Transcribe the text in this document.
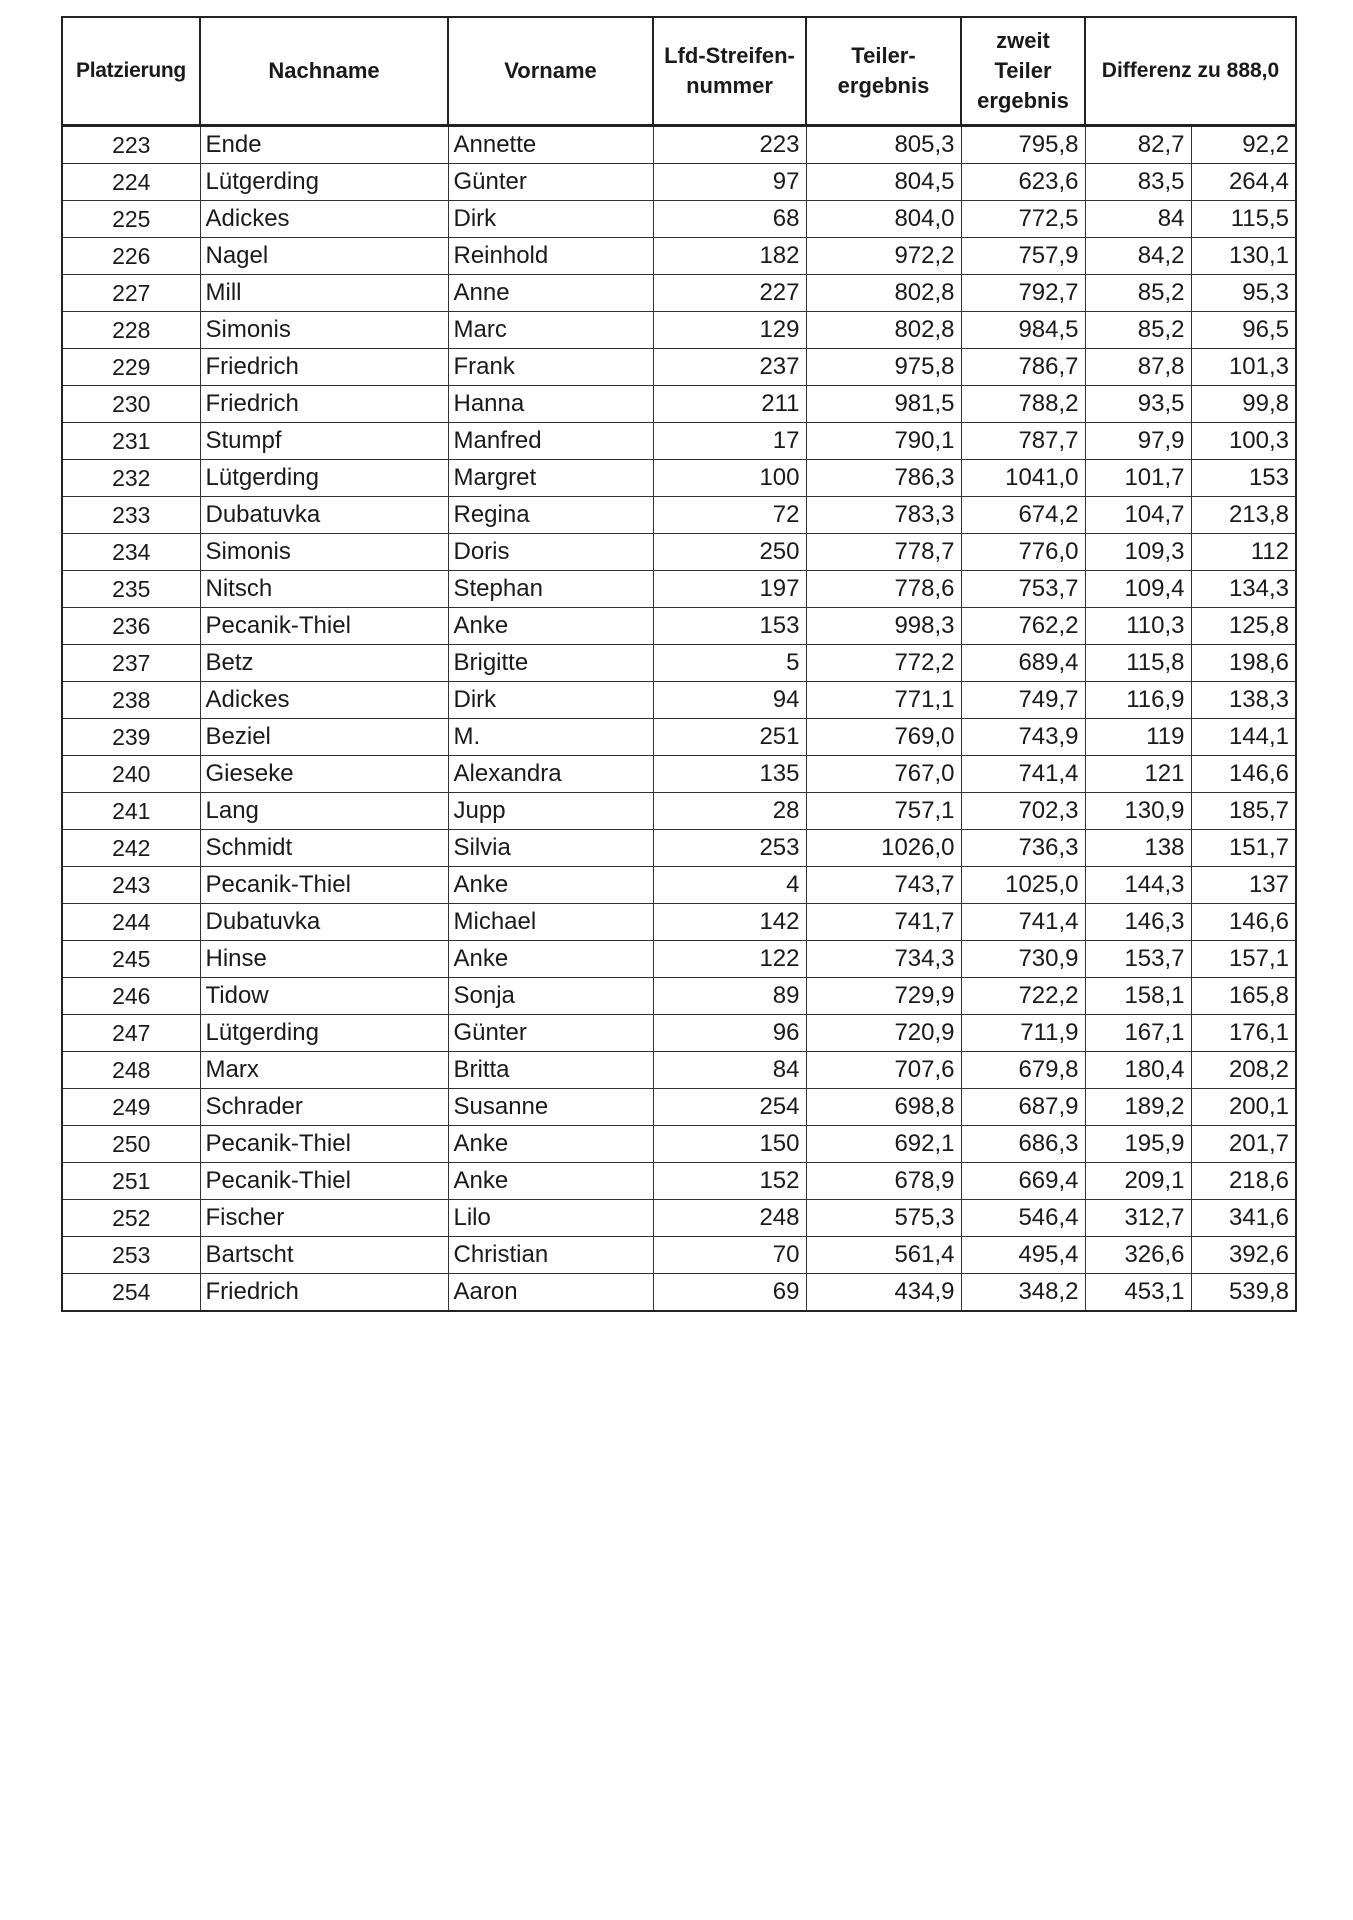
Platzierung	Nachname	Vorname	Lfd-Streifen-nummer	Teiler-ergebnis	zweit Teiler ergebnis	Differenz zu 888,0	
223	Ende	Annette	223	805,3	795,8	82,7	92,2
224	Lütgerding	Günter	97	804,5	623,6	83,5	264,4
225	Adickes	Dirk	68	804,0	772,5	84	115,5
226	Nagel	Reinhold	182	972,2	757,9	84,2	130,1
227	Mill	Anne	227	802,8	792,7	85,2	95,3
228	Simonis	Marc	129	802,8	984,5	85,2	96,5
229	Friedrich	Frank	237	975,8	786,7	87,8	101,3
230	Friedrich	Hanna	211	981,5	788,2	93,5	99,8
231	Stumpf	Manfred	17	790,1	787,7	97,9	100,3
232	Lütgerding	Margret	100	786,3	1041,0	101,7	153
233	Dubatuvka	Regina	72	783,3	674,2	104,7	213,8
234	Simonis	Doris	250	778,7	776,0	109,3	112
235	Nitsch	Stephan	197	778,6	753,7	109,4	134,3
236	Pecanik-Thiel	Anke	153	998,3	762,2	110,3	125,8
237	Betz	Brigitte	5	772,2	689,4	115,8	198,6
238	Adickes	Dirk	94	771,1	749,7	116,9	138,3
239	Beziel	M.	251	769,0	743,9	119	144,1
240	Gieseke	Alexandra	135	767,0	741,4	121	146,6
241	Lang	Jupp	28	757,1	702,3	130,9	185,7
242	Schmidt	Silvia	253	1026,0	736,3	138	151,7
243	Pecanik-Thiel	Anke	4	743,7	1025,0	144,3	137
244	Dubatuvka	Michael	142	741,7	741,4	146,3	146,6
245	Hinse	Anke	122	734,3	730,9	153,7	157,1
246	Tidow	Sonja	89	729,9	722,2	158,1	165,8
247	Lütgerding	Günter	96	720,9	711,9	167,1	176,1
248	Marx	Britta	84	707,6	679,8	180,4	208,2
249	Schrader	Susanne	254	698,8	687,9	189,2	200,1
250	Pecanik-Thiel	Anke	150	692,1	686,3	195,9	201,7
251	Pecanik-Thiel	Anke	152	678,9	669,4	209,1	218,6
252	Fischer	Lilo	248	575,3	546,4	312,7	341,6
253	Bartscht	Christian	70	561,4	495,4	326,6	392,6
254	Friedrich	Aaron	69	434,9	348,2	453,1	539,8
